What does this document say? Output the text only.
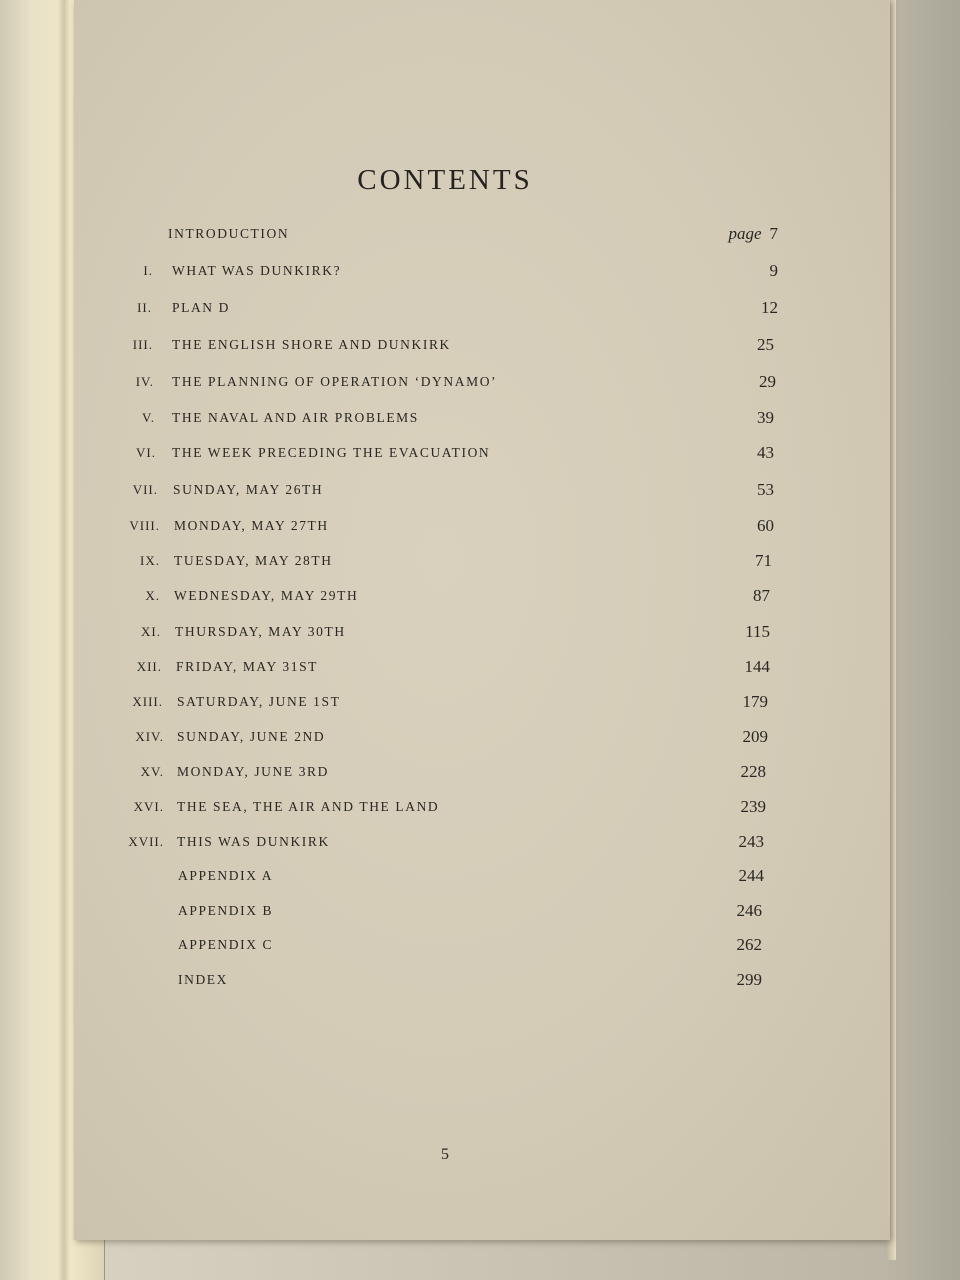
CONTENTS
INTRODUCTION	page 7
I. WHAT WAS DUNKIRK?	9
II. PLAN D	12
III. THE ENGLISH SHORE AND DUNKIRK	25
IV. THE PLANNING OF OPERATION ‘DYNAMO’	29
V. THE NAVAL AND AIR PROBLEMS	39
VI. THE WEEK PRECEDING THE EVACUATION	43
VII. SUNDAY, MAY 26TH	53
VIII. MONDAY, MAY 27TH	60
IX. TUESDAY, MAY 28TH	71
X. WEDNESDAY, MAY 29TH	87
XI. THURSDAY, MAY 30TH	115
XII. FRIDAY, MAY 31ST	144
XIII. SATURDAY, JUNE 1ST	179
XIV. SUNDAY, JUNE 2ND	209
XV. MONDAY, JUNE 3RD	228
XVI. THE SEA, THE AIR AND THE LAND	239
XVII. THIS WAS DUNKIRK	243
APPENDIX A	244
APPENDIX B	246
APPENDIX C	262
INDEX	299
5
